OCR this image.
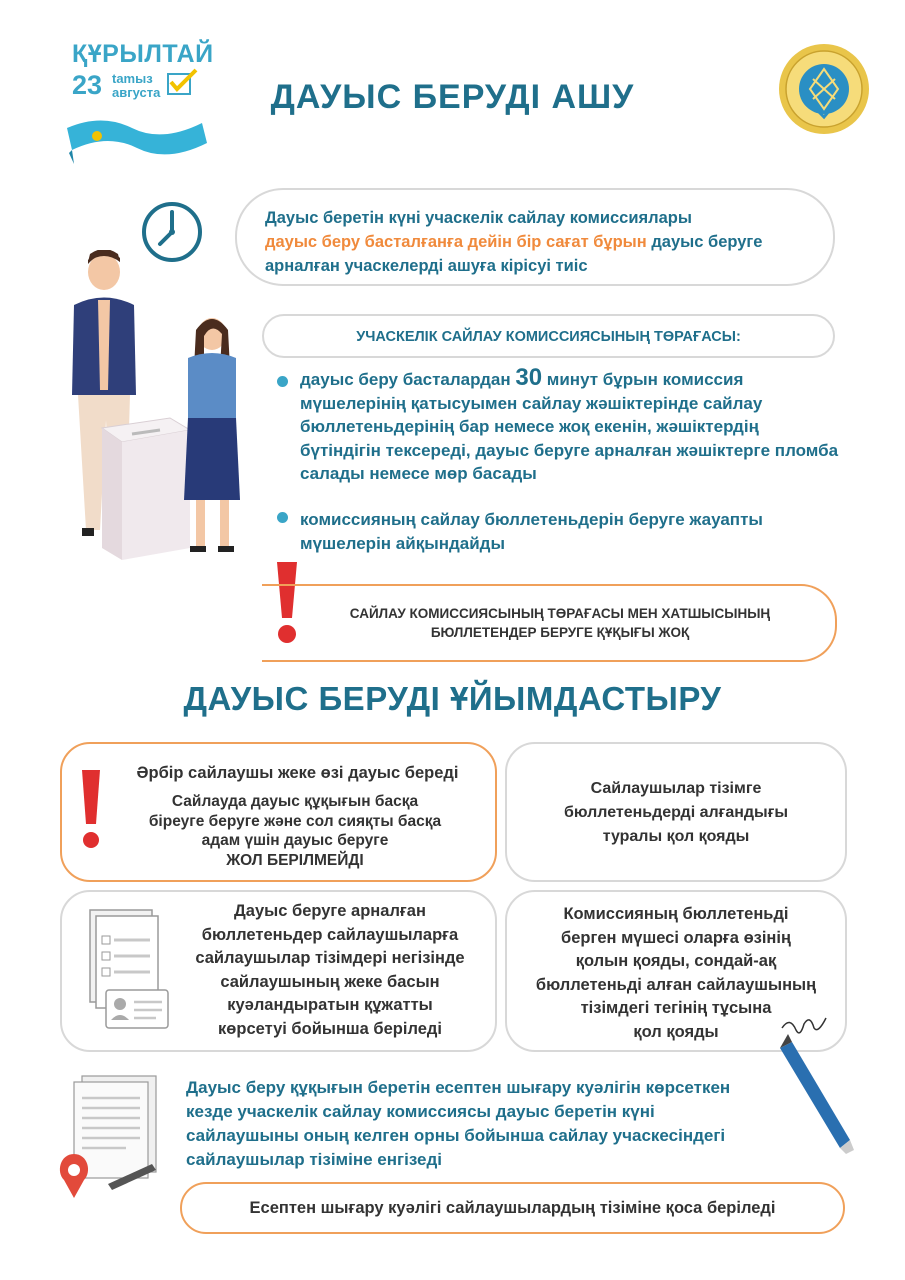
ҚҰРЫЛТАЙ
23 tamыз
августа	ДАУЫС БЕРУДІ АШУ

Дауыс беретін күні учаскелік сайлау комиссиялары

дауыс беру басталғанға дейін бір сағат бұрын дауыс беруге

арналған учаскелерді ашуға кірісуі тиіс

УЧАСКЕЛІК САЙЛАУ КОМИССИЯСЫНЫҢ ТӨРАҒАСЫ:
дауыс беру басталардан 30 минут бұрын комиссия мүшелерінің қатысуымен сайлау жәшіктерінде сайлау бюллетеньдерінің бар немесе жоқ екенін, жәшіктердің бүтіндігін тексереді, дауыс беруге арналған жәшіктерге пломба салады немесе мөр басады
комиссияның сайлау бюллетеньдерін беруге жауапты мүшелерін айқындайды
САЙЛАУ КОМИССИЯСЫНЫҢ ТӨРАҒАСЫ МЕН ХАТШЫСЫНЫҢ
БЮЛЛЕТЕНДЕР БЕРУГЕ ҚҰҚЫҒЫ ЖОҚ
ДАУЫС БЕРУДІ ҰЙЫМДАСТЫРУ
Әрбір сайлаушы жеке өзі дауыс береді
Сайлауда дауыс құқығын басқа
біреуге беруге және сол сияқты басқа
адам үшін дауыс беруге
ЖОЛ БЕРІЛМЕЙДІ
Сайлаушылар тізімге
бюллетеньдерді алғандығы
туралы қол қояды
Дауыс беруге арналған
бюллетеньдер сайлаушыларға
сайлаушылар тізімдері негізінде
сайлаушының жеке басын
куәландыратын құжатты
көрсетуі бойынша беріледі
Комиссияның бюллетеньді
берген мүшесі оларға өзінің
қолын қояды, сондай-ақ
бюллетеньді алған сайлаушының
тізімдегі тегінің тұсына
қол қояды
Дауыс беру құқығын беретін есептен шығару куәлігін көрсеткен
кезде учаскелік сайлау комиссиясы дауыс беретін күні
сайлаушыны оның келген орны бойынша сайлау учаскесіндегі
сайлаушылар тізіміне енгізеді
Есептен шығару куәлігі сайлаушылардың тізіміне қоса беріледі
